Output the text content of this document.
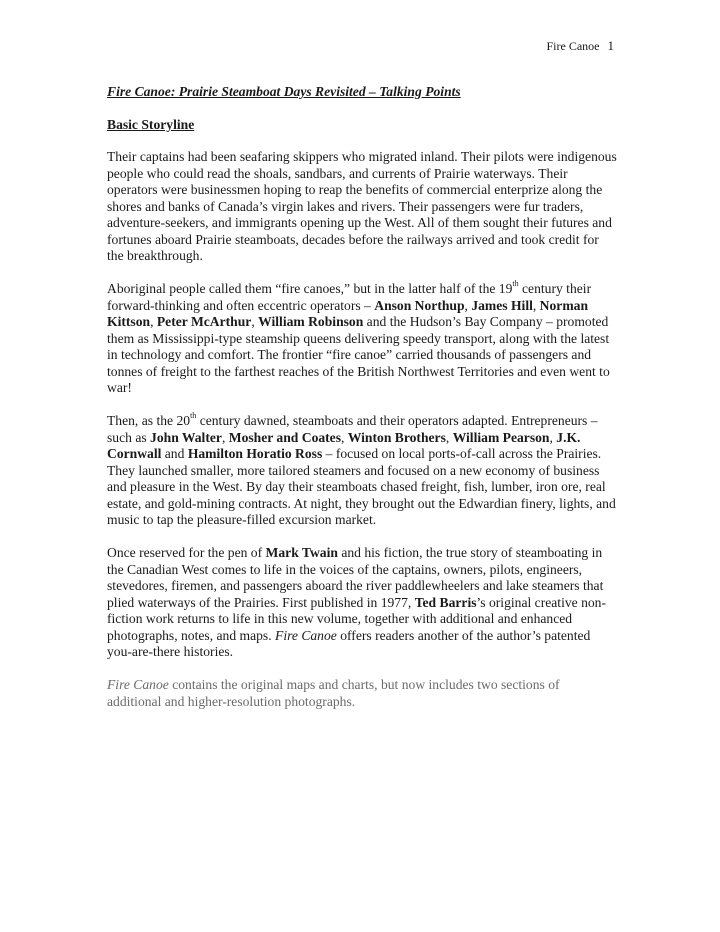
Fire Canoe 1
Fire Canoe: Prairie Steamboat Days Revisited – Talking Points
Basic Storyline

Their captains had been seafaring skippers who migrated inland. Their pilots were indigenous people who could read the shoals, sandbars, and currents of Prairie waterways. Their operators were businessmen hoping to reap the benefits of commercial enterprize along the shores and banks of Canada’s virgin lakes and rivers. Their passengers were fur traders, adventure-seekers, and immigrants opening up the West. All of them sought their futures and fortunes aboard Prairie steamboats, decades before the railways arrived and took credit for the breakthrough.

Aboriginal people called them “fire canoes,” but in the latter half of the 19th century their forward-thinking and often eccentric operators – Anson Northup, James Hill, Norman Kittson, Peter McArthur, William Robinson and the Hudson’s Bay Company – promoted them as Mississippi-type steamship queens delivering speedy transport, along with the latest in technology and comfort. The frontier “fire canoe” carried thousands of passengers and tonnes of freight to the farthest reaches of the British Northwest Territories and even went to war!

Then, as the 20th century dawned, steamboats and their operators adapted. Entrepreneurs – such as John Walter, Mosher and Coates, Winton Brothers, William Pearson, J.K. Cornwall and Hamilton Horatio Ross – focused on local ports-of-call across the Prairies. They launched smaller, more tailored steamers and focused on a new economy of business and pleasure in the West. By day their steamboats chased freight, fish, lumber, iron ore, real estate, and gold-mining contracts. At night, they brought out the Edwardian finery, lights, and music to tap the pleasure-filled excursion market.

Once reserved for the pen of Mark Twain and his fiction, the true story of steamboating in the Canadian West comes to life in the voices of the captains, owners, pilots, engineers, stevedores, firemen, and passengers aboard the river paddlewheelers and lake steamers that plied waterways of the Prairies. First published in 1977, Ted Barris’s original creative non-fiction work returns to life in this new volume, together with additional and enhanced photographs, notes, and maps. Fire Canoe offers readers another of the author’s patented you-are-there histories.

Fire Canoe contains the original maps and charts, but now includes two sections of additional and higher-resolution photographs.
